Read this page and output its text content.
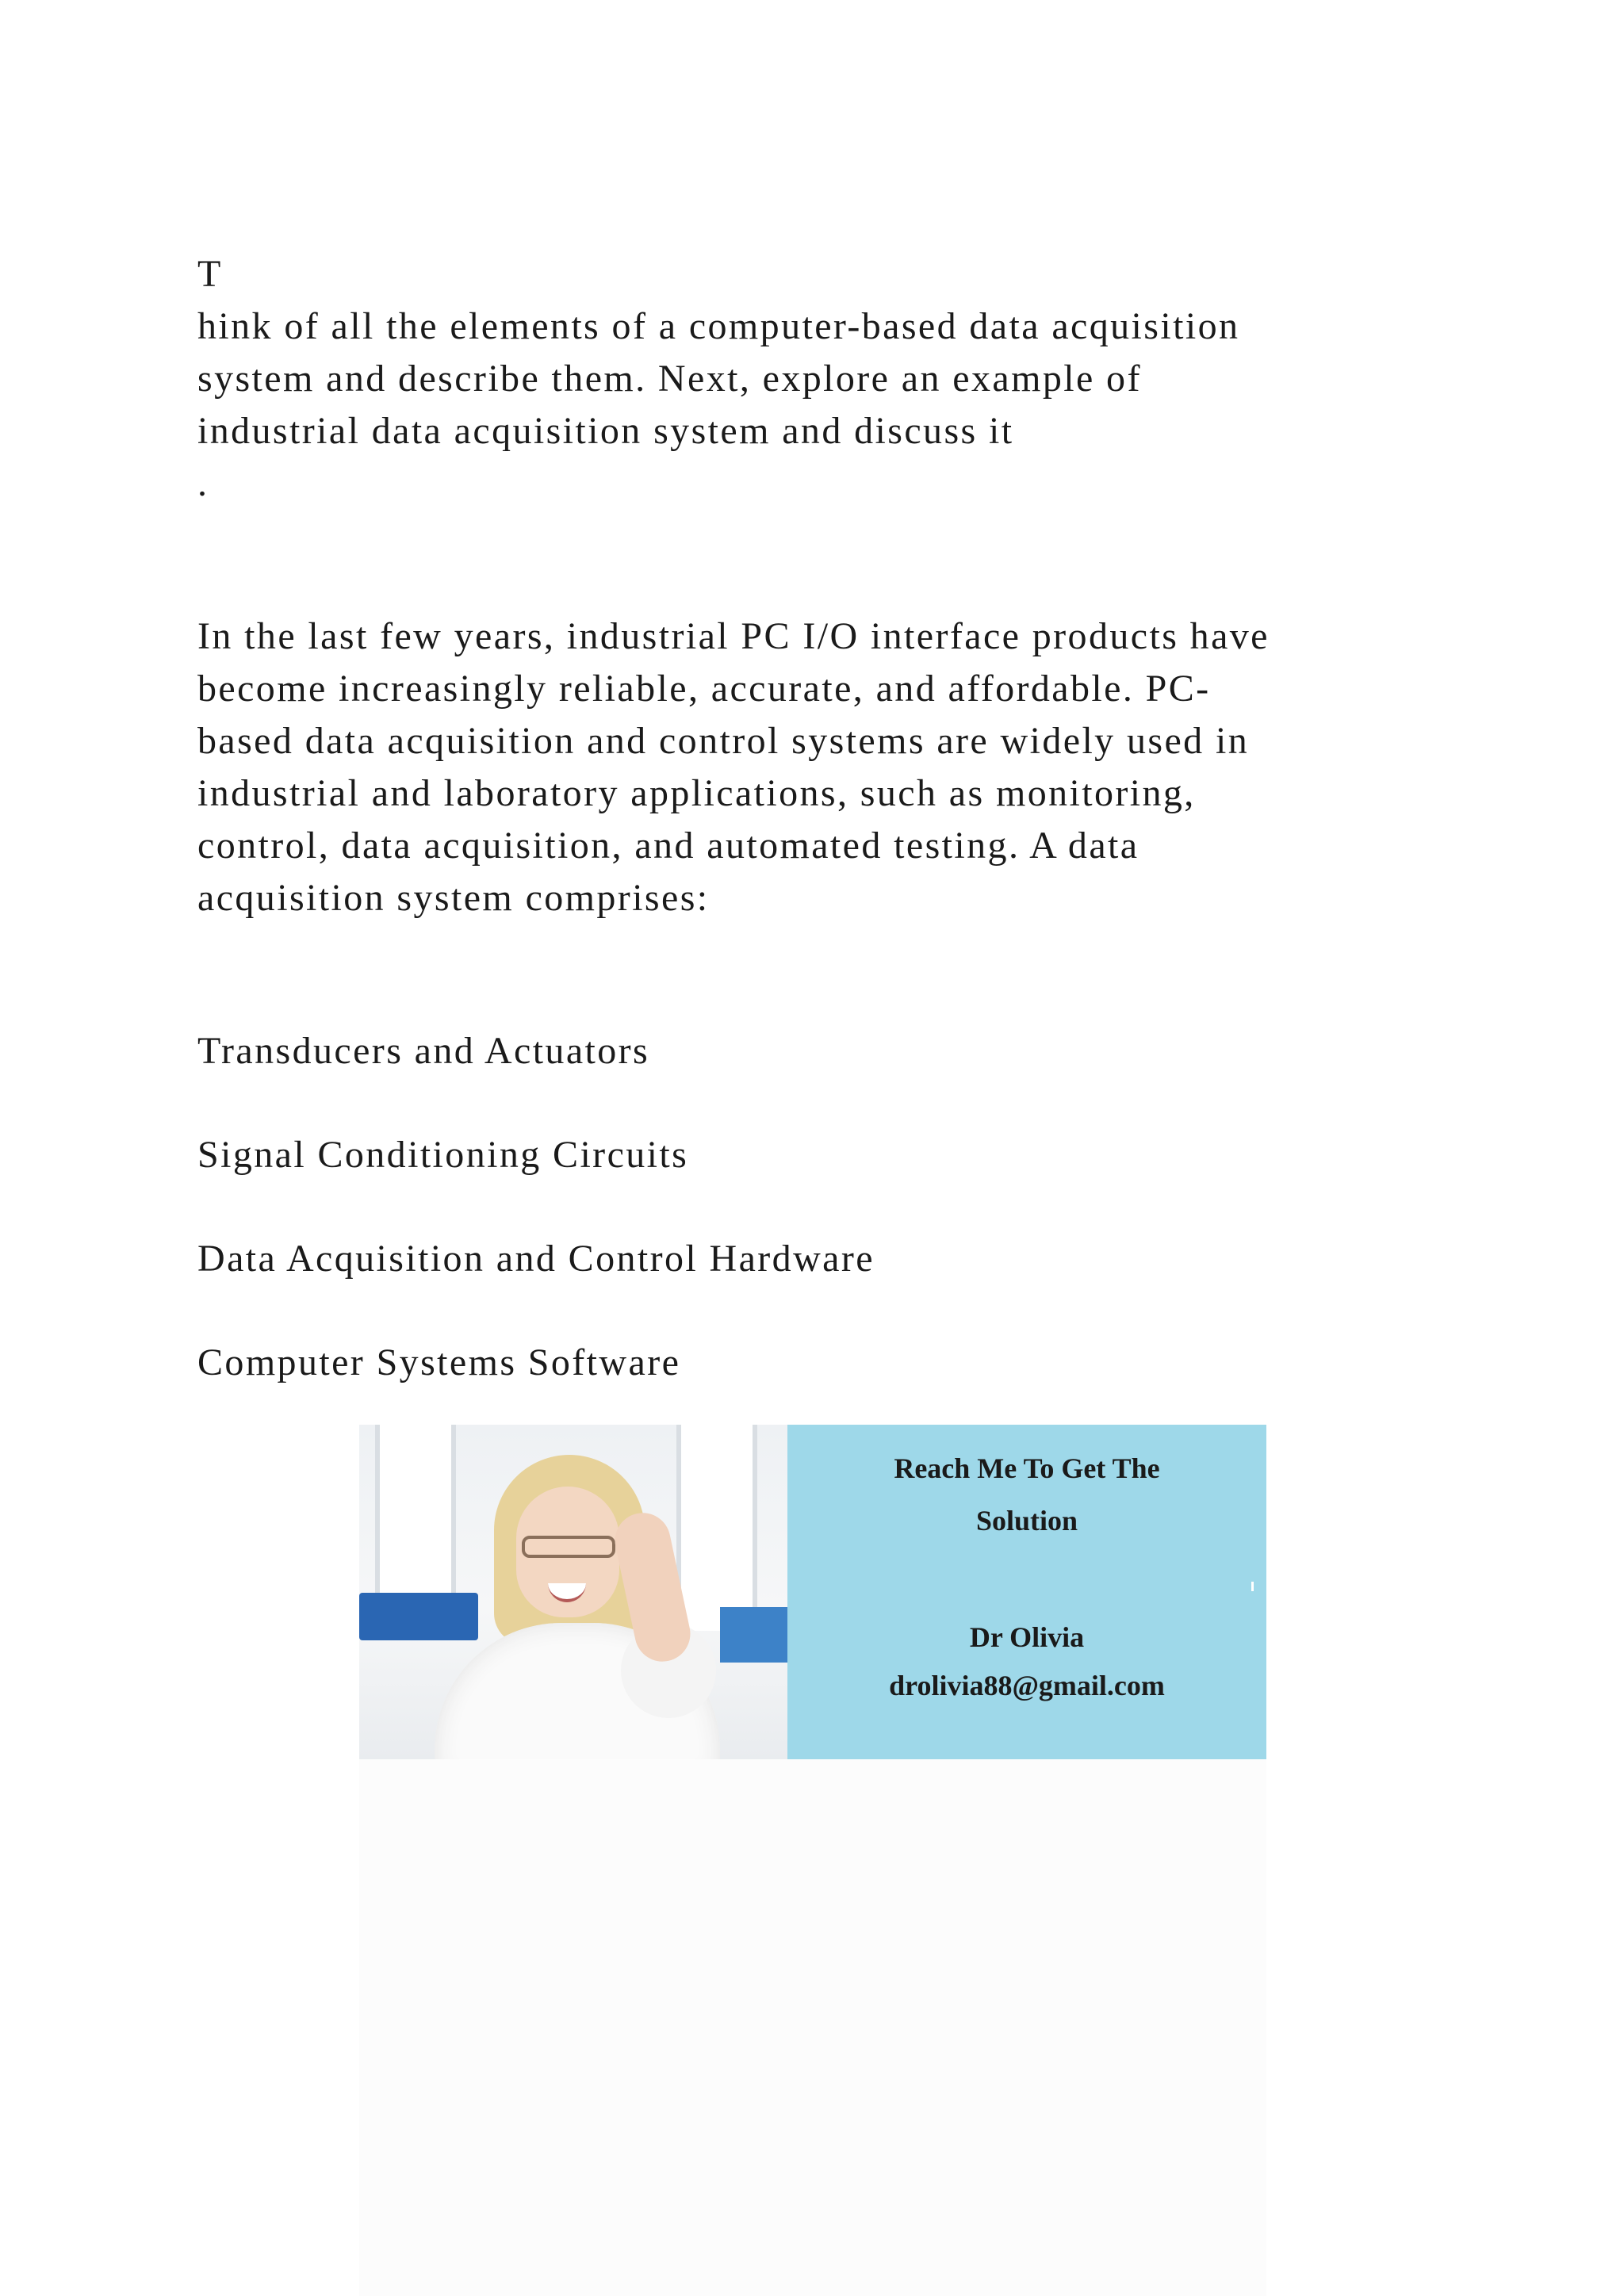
T
hink of all the elements of a computer-based data acquisition
system and describe them. Next, explore an example of
industrial data acquisition system and discuss it
.
In the last few years, industrial PC I/O interface products have
become increasingly reliable, accurate, and affordable. PC-
based data acquisition and control systems are widely used in
industrial and laboratory applications, such as monitoring,
control, data acquisition, and automated testing. A data
acquisition system comprises:
Transducers and Actuators
Signal Conditioning Circuits
Data Acquisition and Control Hardware
Computer Systems Software
Reach Me To Get The
Solution
Dr Olivia
drolivia88@gmail.com
